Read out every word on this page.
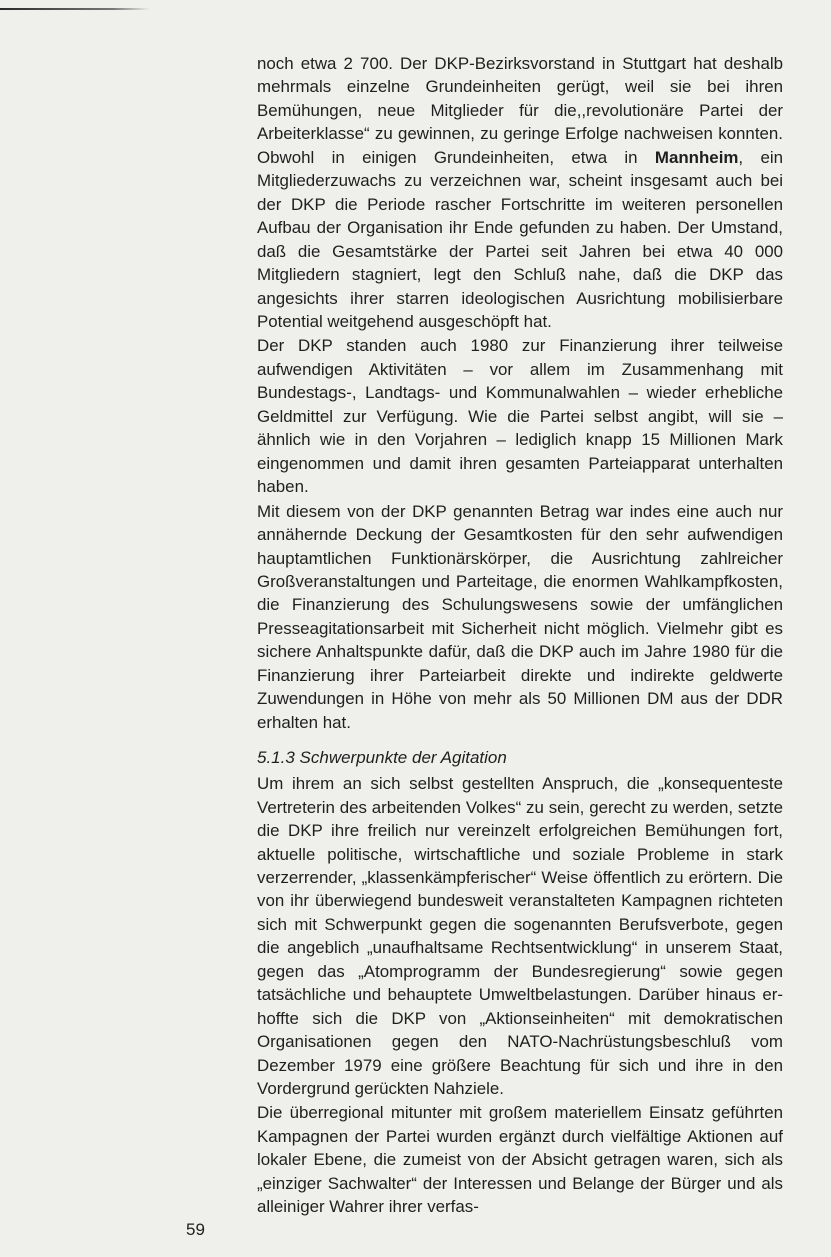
noch etwa 2 700. Der DKP-Bezirksvorstand in Stuttgart hat deshalb mehrmals einzelne Grundeinheiten gerügt, weil sie bei ihren Bemühungen, neue Mitglieder für die,,revolutionäre Partei der Arbeiterklasse“ zu gewinnen, zu geringe Erfolge nachweisen konnten. Obwohl in einigen Grundeinheiten, etwa in Mannheim, ein Mitgliederzuwachs zu verzeichnen war, scheint insgesamt auch bei der DKP die Periode rascher Fortschritte im weiteren personellen Aufbau der Organisation ihr Ende gefunden zu haben. Der Umstand, daß die Gesamtstärke der Partei seit Jahren bei etwa 40 000 Mitgliedern stagniert, legt den Schluß nahe, daß die DKP das angesichts ihrer starren ideologischen Ausrichtung mobilisierbare Potential weitgehend ausgeschöpft hat.

Der DKP standen auch 1980 zur Finanzierung ihrer teilweise aufwendigen Aktivitäten – vor allem im Zusammenhang mit Bundestags-, Landtags- und Kommunalwahlen – wieder erhebliche Geldmittel zur Verfügung. Wie die Partei selbst angibt, will sie – ähnlich wie in den Vorjahren – lediglich knapp 15 Millionen Mark eingenommen und damit ihren gesamten Parteiapparat unterhalten haben.

Mit diesem von der DKP genannten Betrag war indes eine auch nur annähernde Deckung der Gesamtkosten für den sehr aufwendigen hauptamtlichen Funktionärskörper, die Ausrichtung zahlreicher Großveranstaltungen und Parteitage, die enormen Wahlkampfkosten, die Finanzierung des Schulungswesens sowie der umfänglichen Presseagitationsarbeit mit Sicherheit nicht möglich. Vielmehr gibt es sichere Anhaltspunkte dafür, daß die DKP auch im Jahre 1980 für die Finanzierung ihrer Parteiarbeit direkte und indirekte geldwerte Zuwendungen in Höhe von mehr als 50 Millionen DM aus der DDR erhalten hat.

5.1.3 Schwerpunkte der Agitation

Um ihrem an sich selbst gestellten Anspruch, die „konsequenteste Vertreterin des arbeitenden Volkes“ zu sein, gerecht zu werden, setzte die DKP ihre freilich nur vereinzelt erfolgreichen Bemühungen fort, aktuelle politische, wirtschaftliche und soziale Probleme in stark verzerrender, „klassenkämpferischer“ Weise öffentlich zu erörtern. Die von ihr überwiegend bundesweit veranstalteten Kampagnen richteten sich mit Schwerpunkt gegen die sogenannten Berufsverbote, gegen die angeblich „unaufhaltsame Rechtsentwicklung“ in unserem Staat, gegen das „Atomprogramm der Bundesregierung“ sowie gegen tatsächliche und behauptete Umweltbelastungen. Darüber hinaus erhoffte sich die DKP von „Aktionseinheiten“ mit demokratischen Organisationen gegen den NATO-Nachrüstungsbeschluß vom Dezember 1979 eine größere Beachtung für sich und ihre in den Vordergrund gerückten Nahziele.

Die überregional mitunter mit großem materiellem Einsatz geführten Kampagnen der Partei wurden ergänzt durch vielfältige Aktionen auf lokaler Ebene, die zumeist von der Absicht getragen waren, sich als „einziger Sachwalter“ der Interessen und Belange der Bürger und als alleiniger Wahrer ihrer verfas-

59
